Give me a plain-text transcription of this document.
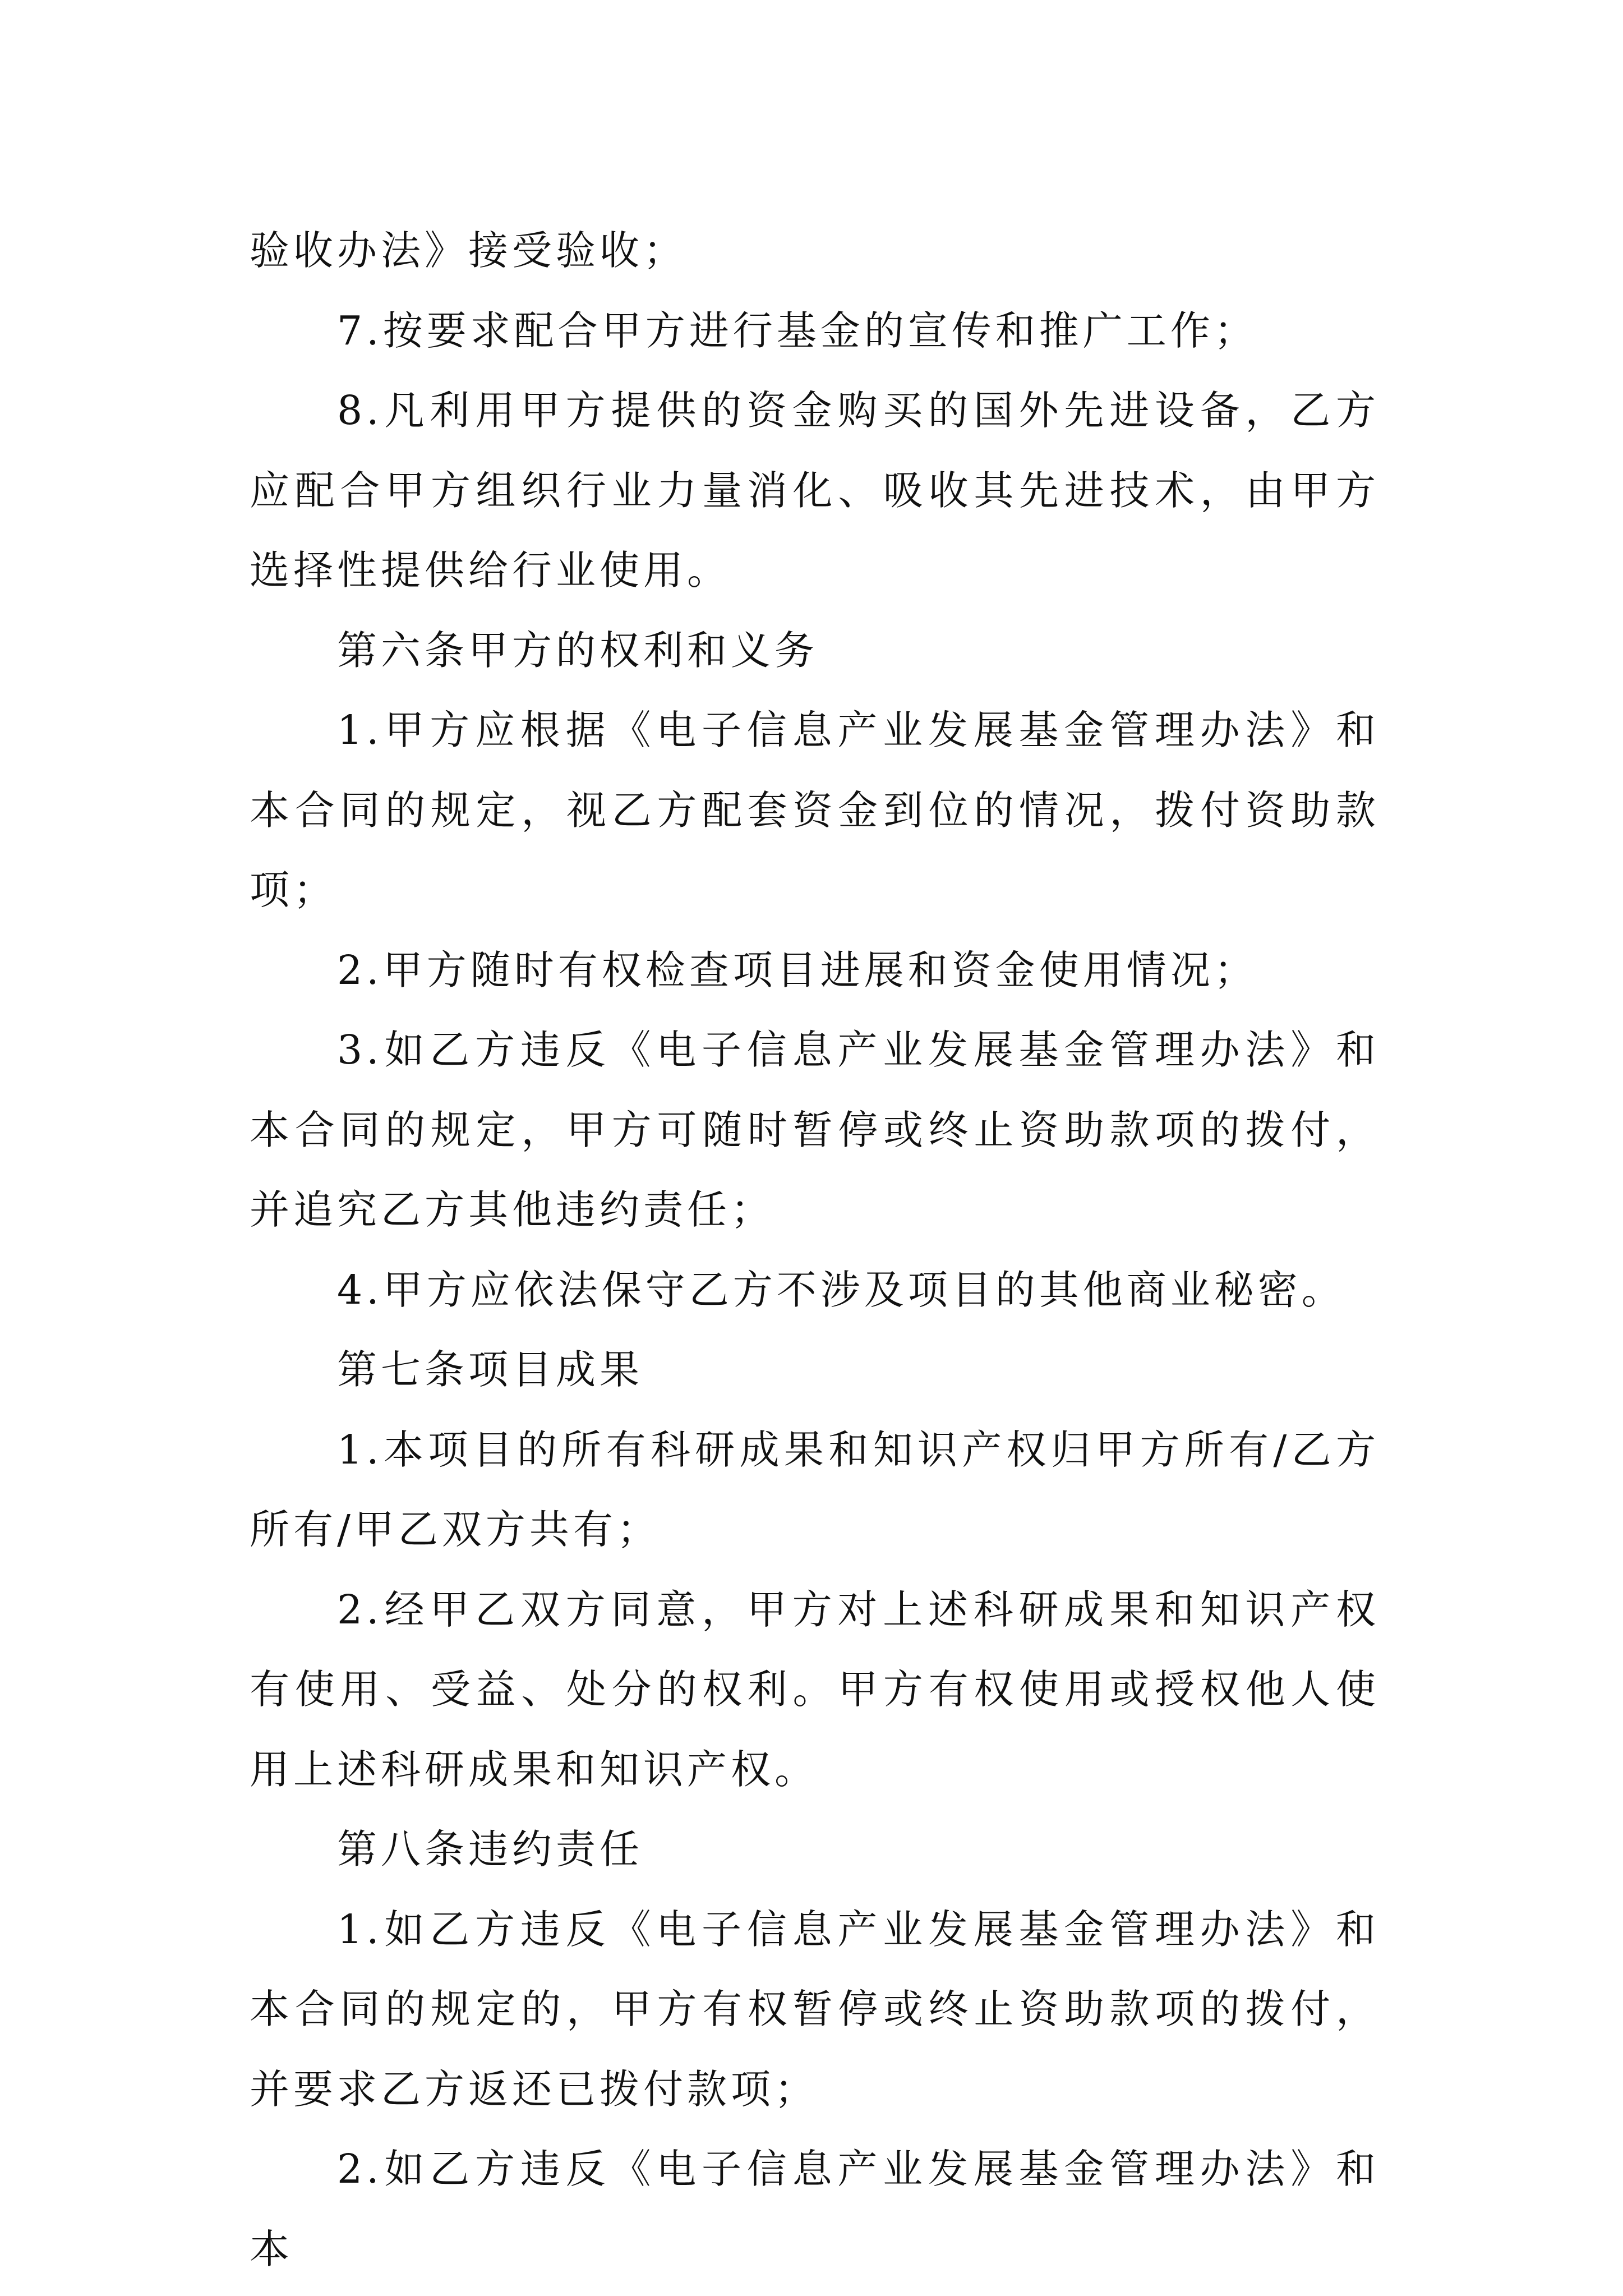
验收办法》接受验收；

7.按要求配合甲方进行基金的宣传和推广工作；

8.凡利用甲方提供的资金购买的国外先进设备，乙方应配合甲方组织行业力量消化、吸收其先进技术，由甲方选择性提供给行业使用。

第六条甲方的权利和义务

1.甲方应根据《电子信息产业发展基金管理办法》和本合同的规定，视乙方配套资金到位的情况，拨付资助款项；

2.甲方随时有权检查项目进展和资金使用情况；

3.如乙方违反《电子信息产业发展基金管理办法》和本合同的规定，甲方可随时暂停或终止资助款项的拨付，并追究乙方其他违约责任；

4.甲方应依法保守乙方不涉及项目的其他商业秘密。

第七条项目成果

1.本项目的所有科研成果和知识产权归甲方所有/乙方所有/甲乙双方共有；

2.经甲乙双方同意，甲方对上述科研成果和知识产权有使用、受益、处分的权利。甲方有权使用或授权他人使用上述科研成果和知识产权。

第八条违约责任

1.如乙方违反《电子信息产业发展基金管理办法》和本合同的规定的，甲方有权暂停或终止资助款项的拨付，并要求乙方返还已拨付款项；

2.如乙方违反《电子信息产业发展基金管理办法》和本
